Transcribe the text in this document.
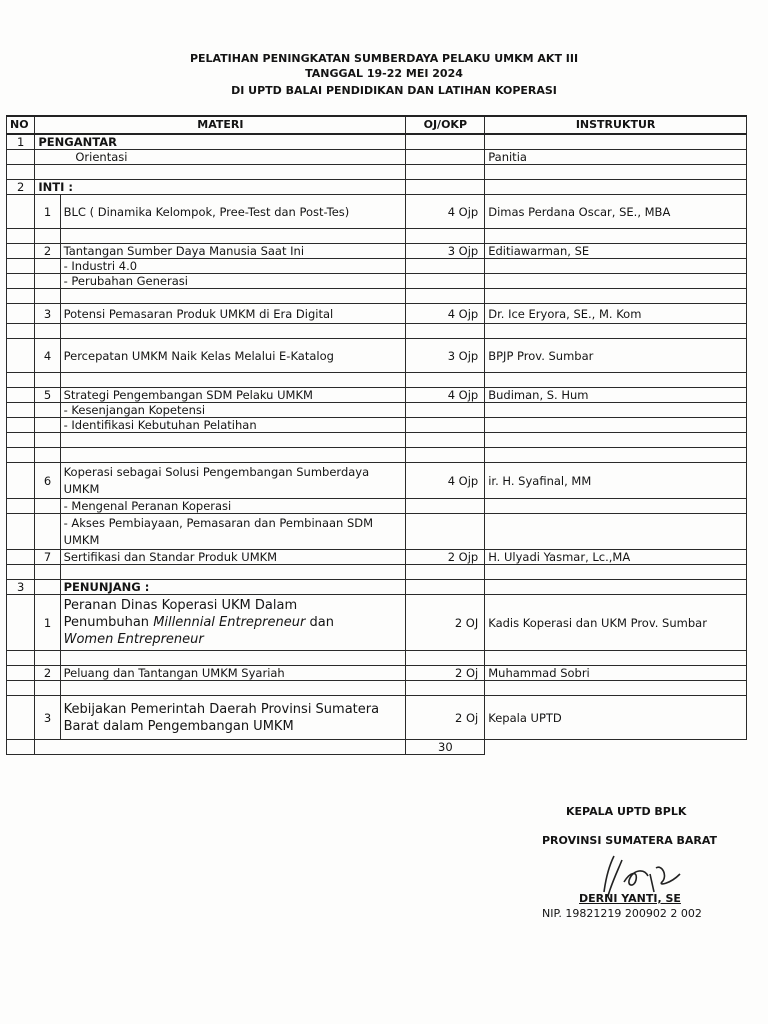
PELATIHAN PENINGKATAN SUMBERDAYA PELAKU UMKM AKT III
TANGGAL 19-22 MEI 2024
DI UPTD BALAI PENDIDIKAN DAN LATIHAN KOPERASI
NO	MATERI		OJ/OKP	INSTRUKTUR
1	PENGANTAR			
	Orientasi			Panitia

2	INTI :			
	1	BLC ( Dinamika Kelompok, Pree-Test dan Post-Tes)	4 Ojp	Dimas Perdana Oscar, SE., MBA

	2	Tantangan Sumber Daya Manusia Saat Ini	3 Ojp	Editiawarman, SE
		- Industri 4.0		
		- Perubahan Generasi		

	3	Potensi Pemasaran Produk UMKM di Era Digital	4 Ojp	Dr. Ice Eryora, SE., M. Kom

	4	Percepatan UMKM Naik Kelas Melalui E-Katalog	3 Ojp	BPJP Prov. Sumbar

	5	Strategi Pengembangan SDM Pelaku UMKM	4 Ojp	Budiman, S. Hum
		- Kesenjangan Kopetensi		
		- Identifikasi Kebutuhan Pelatihan		

	6	Koperasi sebagai Solusi Pengembangan Sumberdaya UMKM	4 Ojp	ir. H. Syafinal, MM
		- Mengenal Peranan Koperasi		
		- Akses Pembiayaan, Pemasaran dan Pembinaan SDM UMKM		
	7	Sertifikasi dan Standar Produk UMKM	2 Ojp	H. Ulyadi Yasmar, Lc.,MA

3		PENUNJANG :		
	1	Peranan Dinas Koperasi UKM Dalam
Penumbuhan Millennial Entrepreneur dan
Women Entrepreneur	2 OJ	Kadis Koperasi dan UKM Prov. Sumbar

	2	Peluang dan Tantangan UMKM Syariah	2 Oj	Muhammad Sobri

	3	Kebijakan Pemerintah Daerah Provinsi Sumatera Barat dalam Pengembangan UMKM	2 Oj	Kepala UPTD
			30	
KEPALA UPTD BPLK
PROVINSI SUMATERA BARAT
DERNI YANTI, SE
NIP. 19821219 200902 2 002
